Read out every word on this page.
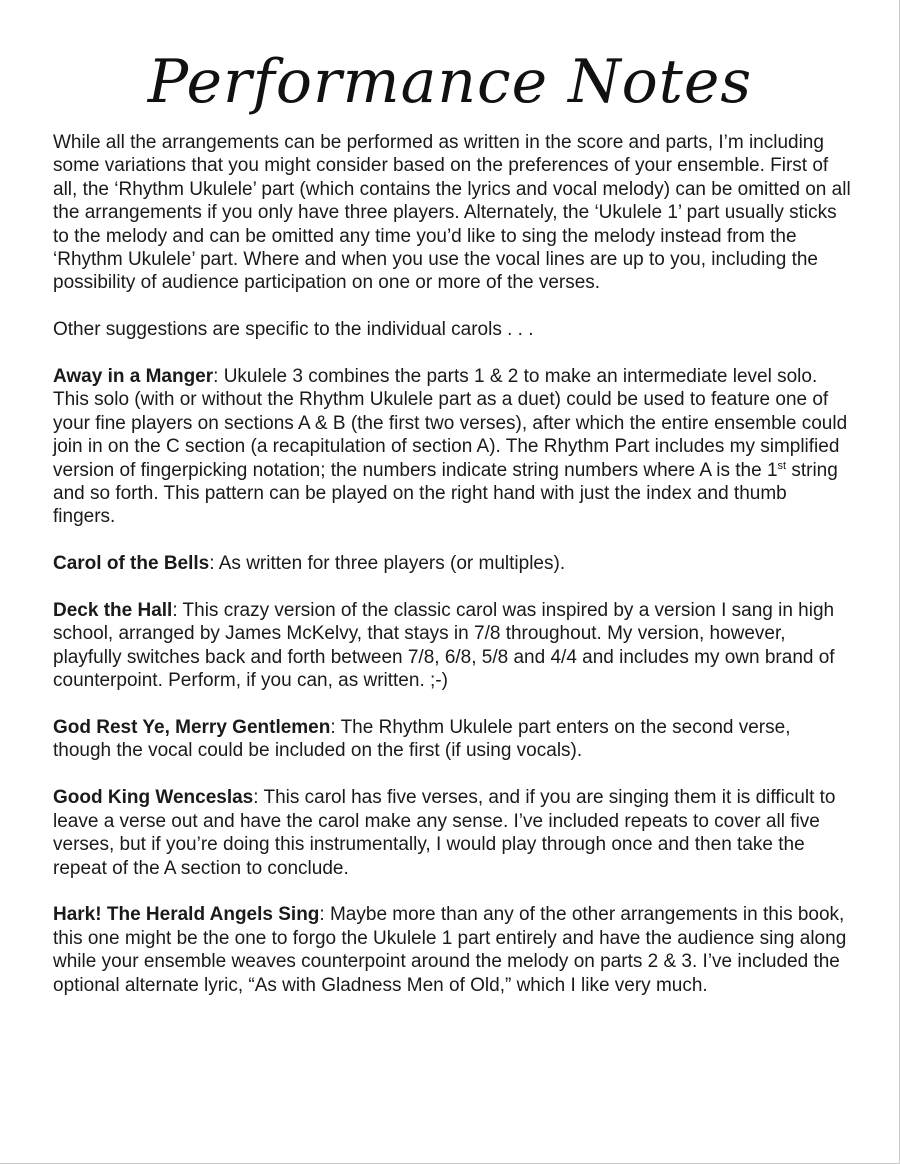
Performance Notes

While all the arrangements can be performed as written in the score and parts, I’m including some variations that you might consider based on the preferences of your ensemble. First of all, the ‘Rhythm Ukulele’ part (which contains the lyrics and vocal melody) can be omitted on all the arrangements if you only have three players. Alternately, the ‘Ukulele 1’ part usually sticks to the melody and can be omitted any time you’d like to sing the melody instead from the ‘Rhythm Ukulele’ part. Where and when you use the vocal lines are up to you, including the possibility of audience participation on one or more of the verses.

Other suggestions are specific to the individual carols . . .

Away in a Manger: Ukulele 3 combines the parts 1 & 2 to make an intermediate level solo. This solo (with or without the Rhythm Ukulele part as a duet) could be used to feature one of your fine players on sections A & B (the first two verses), after which the entire ensemble could join in on the C section (a recapitulation of section A). The Rhythm Part includes my simplified version of fingerpicking notation; the numbers indicate string numbers where A is the 1st string and so forth. This pattern can be played on the right hand with just the index and thumb fingers.

Carol of the Bells: As written for three players (or multiples).

Deck the Hall: This crazy version of the classic carol was inspired by a version I sang in high school, arranged by James McKelvy, that stays in 7/8 throughout. My version, however, playfully switches back and forth between 7/8, 6/8, 5/8 and 4/4 and includes my own brand of counterpoint. Perform, if you can, as written. ;-)

God Rest Ye, Merry Gentlemen: The Rhythm Ukulele part enters on the second verse, though the vocal could be included on the first (if using vocals).

Good King Wenceslas: This carol has five verses, and if you are singing them it is difficult to leave a verse out and have the carol make any sense. I’ve included repeats to cover all five verses, but if you’re doing this instrumentally, I would play through once and then take the repeat of the A section to conclude.

Hark! The Herald Angels Sing: Maybe more than any of the other arrangements in this book, this one might be the one to forgo the Ukulele 1 part entirely and have the audience sing along while your ensemble weaves counterpoint around the melody on parts 2 & 3. I’ve included the optional alternate lyric, “As with Gladness Men of Old,” which I like very much.
